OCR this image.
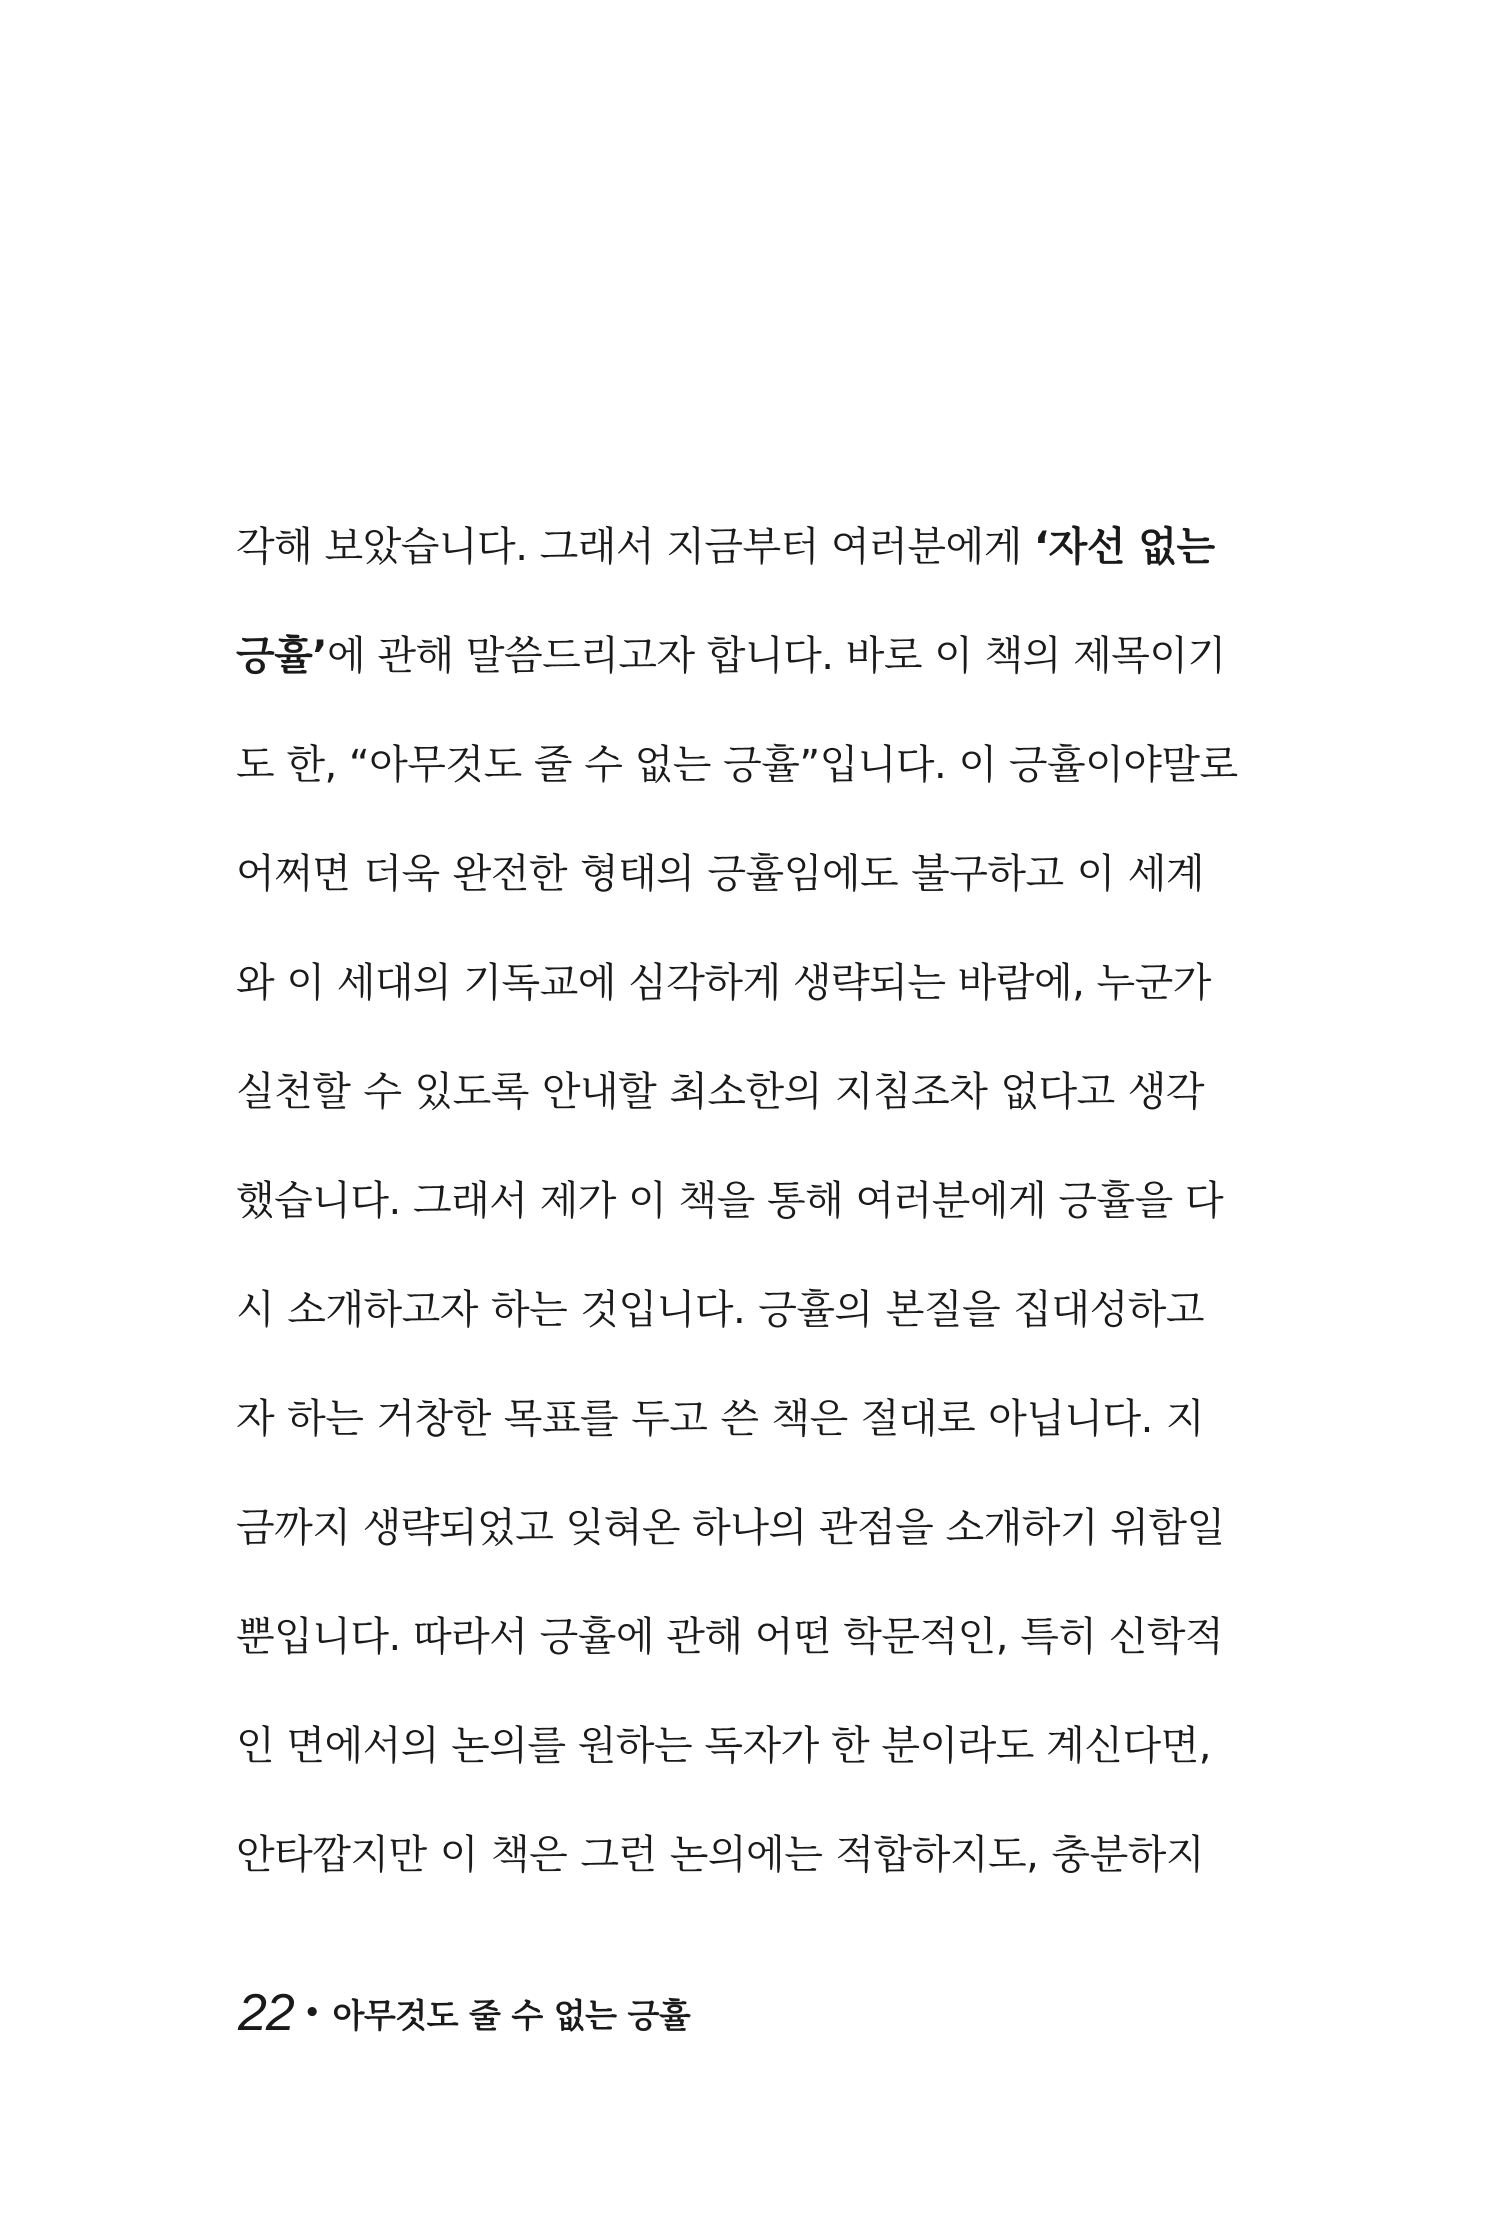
각해 보았습니다. 그래서 지금부터 여러분에게 ‘자선 없는
긍휼’에 관해 말씀드리고자 합니다. 바로 이 책의 제목이기
도 한, “아무것도 줄 수 없는 긍휼”입니다. 이 긍휼이야말로
어쩌면 더욱 완전한 형태의 긍휼임에도 불구하고 이 세계
와 이 세대의 기독교에 심각하게 생략되는 바람에, 누군가
실천할 수 있도록 안내할 최소한의 지침조차 없다고 생각
했습니다. 그래서 제가 이 책을 통해 여러분에게 긍휼을 다
시 소개하고자 하는 것입니다. 긍휼의 본질을 집대성하고
자 하는 거창한 목표를 두고 쓴 책은 절대로 아닙니다. 지
금까지 생략되었고 잊혀온 하나의 관점을 소개하기 위함일
뿐입니다. 따라서 긍휼에 관해 어떤 학문적인, 특히 신학적
인 면에서의 논의를 원하는 독자가 한 분이라도 계신다면,
안타깝지만 이 책은 그런 논의에는 적합하지도, 충분하지
22 • 아무것도 줄 수 없는 긍휼
